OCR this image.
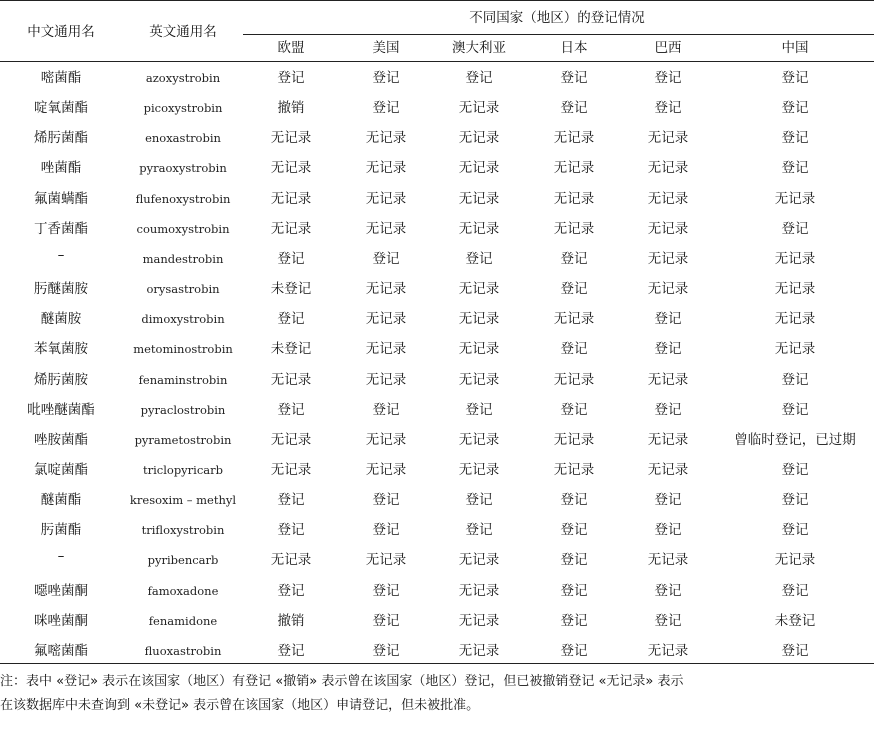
中文通用名	英文通用名
不同国家（地区）的登记情况
欧盟	美国	澳大利亚	日本	巴西	中国
嘧菌酯	azoxystrobin	登记	登记	登记	登记	登记	登记
啶氧菌酯	picoxystrobin	撤销	登记	无记录	登记	登记	登记
烯肟菌酯	enoxastrobin	无记录	无记录	无记录	无记录	无记录	登记
唑菌酯	pyraoxystrobin	无记录	无记录	无记录	无记录	无记录	登记
氟菌螨酯	flufenoxystrobin	无记录	无记录	无记录	无记录	无记录	无记录
丁香菌酯	coumoxystrobin	无记录	无记录	无记录	无记录	无记录	登记
–	mandestrobin	登记	登记	登记	登记	无记录	无记录
肟醚菌胺	orysastrobin	未登记	无记录	无记录	登记	无记录	无记录
醚菌胺	dimoxystrobin	登记	无记录	无记录	无记录	登记	无记录
苯氧菌胺	metominostrobin	未登记	无记录	无记录	登记	登记	无记录
烯肟菌胺	fenaminstrobin	无记录	无记录	无记录	无记录	无记录	登记
吡唑醚菌酯	pyraclostrobin	登记	登记	登记	登记	登记	登记
唑胺菌酯	pyrametostrobin	无记录	无记录	无记录	无记录	无记录	曾临时登记，已过期
氯啶菌酯	triclopyricarb	无记录	无记录	无记录	无记录	无记录	登记
醚菌酯	kresoxim – methyl	登记	登记	登记	登记	登记	登记
肟菌酯	trifloxystrobin	登记	登记	登记	登记	登记	登记
–	pyribencarb	无记录	无记录	无记录	登记	无记录	无记录
噁唑菌酮	famoxadone	登记	登记	无记录	登记	登记	登记
咪唑菌酮	fenamidone	撤销	登记	无记录	登记	登记	未登记
氟嘧菌酯	fluoxastrobin	登记	登记	无记录	登记	无记录	登记
注：表中 «登记» 表示在该国家（地区）有登记 «撤销» 表示曾在该国家（地区）登记，但已被撤销登记 «无记录» 表示
在该数据库中未查询到 «未登记» 表示曾在该国家（地区）申请登记，但未被批准。
